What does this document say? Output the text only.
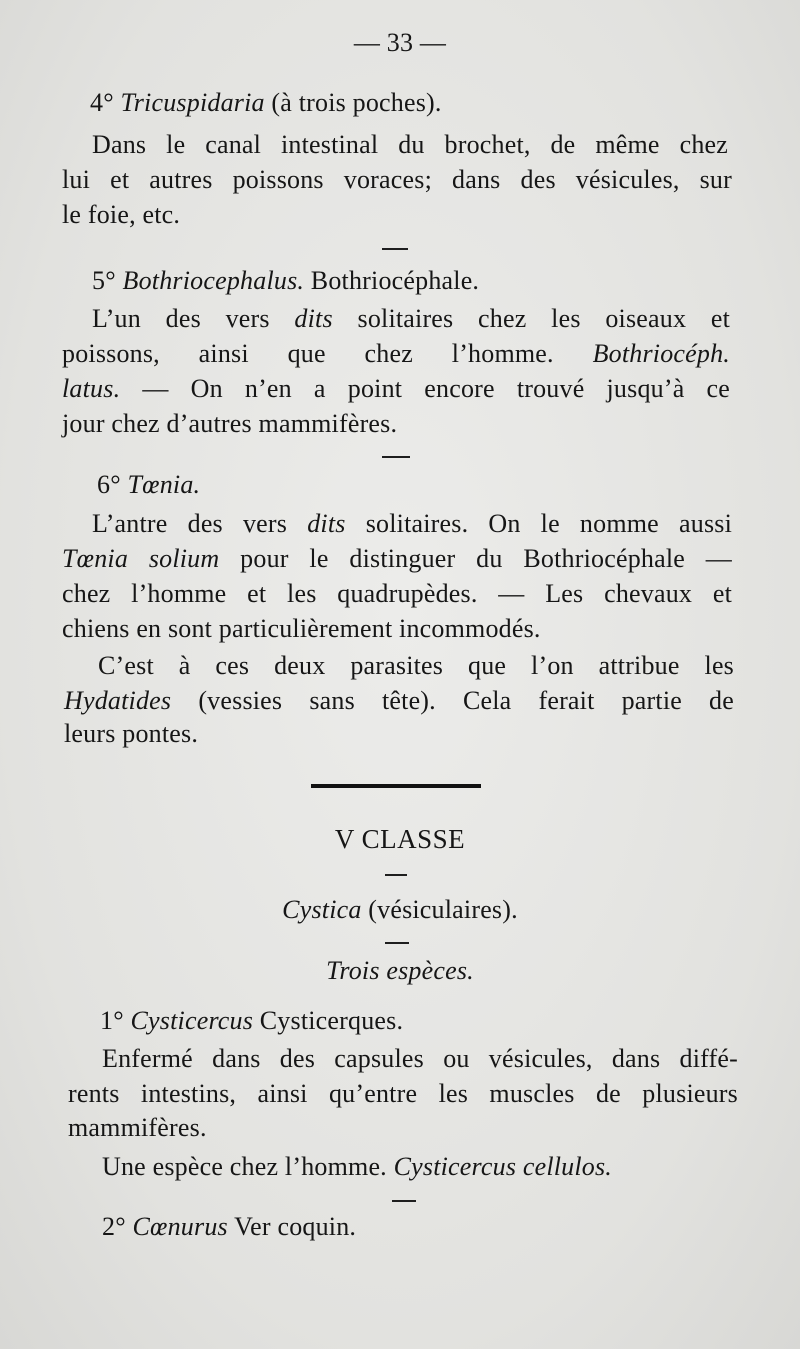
— 33 —
4° Tricuspidaria (à trois poches).
Dans le canal intestinal du brochet, de même chez
lui et autres poissons voraces; dans des vésicules, sur
le foie, etc.
5° Bothriocephalus. Bothriocéphale.
L’un des vers dits solitaires chez les oiseaux et
poissons, ainsi que chez l’homme. Bothriocéph.
latus. — On n’en a point encore trouvé jusqu’à ce
jour chez d’autres mammifères.
6° Tœnia.
L’antre des vers dits solitaires. On le nomme aussi
Tœnia solium pour le distinguer du Bothriocéphale —
chez l’homme et les quadrupèdes. — Les chevaux et
chiens en sont particulièrement incommodés.
C’est à ces deux parasites que l’on attribue les
Hydatides (vessies sans tête). Cela ferait partie de
leurs pontes.
V CLASSE
Cystica (vésiculaires).
Trois espèces.
1° Cysticercus Cysticerques.
Enfermé dans des capsules ou vésicules, dans diffé-
rents intestins, ainsi qu’entre les muscles de plusieurs
mammifères.
Une espèce chez l’homme. Cysticercus cellulos.
2° Cœnurus Ver coquin.
